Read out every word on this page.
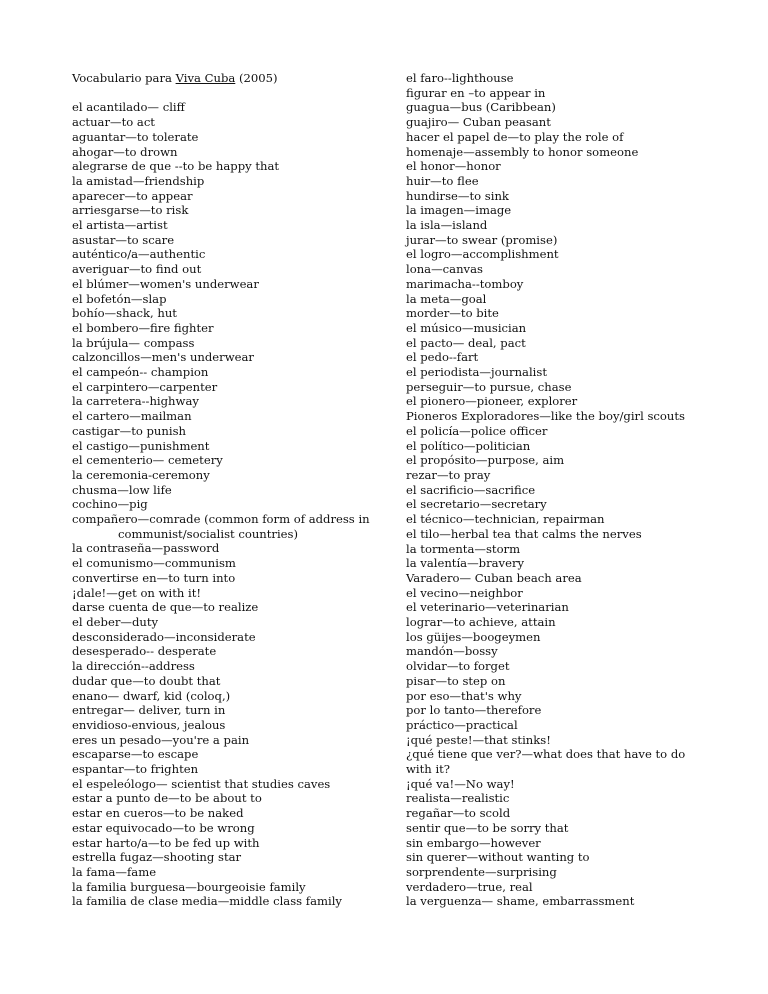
Vocabulario para Viva Cuba (2005)

el acantilado— cliff
actuar—to act
aguantar—to tolerate
ahogar—to drown
alegrarse de que --to be happy that
la amistad—friendship
aparecer—to appear
arriesgarse—to risk
el artista—artist
asustar—to scare
auténtico/a—authentic
averiguar—to find out
el blúmer—women's underwear
el bofetón—slap
bohío—shack, hut
el bombero—fire fighter
la brújula— compass
calzoncillos—men's underwear
el campeón-- champion
el carpintero—carpenter
la carretera--highway
el cartero—mailman
castigar—to punish
el castigo—punishment
el cementerio— cemetery
la ceremonia-ceremony
chusma—low life
cochino—pig
compañero—comrade (common form of address in
communist/socialist countries)
la contraseña—password
el comunismo—communism
convertirse en—to turn into
¡dale!—get on with it!
darse cuenta de que—to realize
el deber—duty
desconsiderado—inconsiderate
desesperado-- desperate
la dirección--address
dudar que—to doubt that
enano— dwarf, kid (coloq,)
entregar— deliver, turn in
envidioso-envious, jealous
eres un pesado—you're a pain
escaparse—to escape
espantar—to frighten
el espeleólogo— scientist that studies caves
estar a punto de—to be about to
estar en cueros—to be naked
estar equivocado—to be wrong
estar harto/a—to be fed up with
estrella fugaz—shooting star
la fama—fame
la familia burguesa—bourgeoisie family
la familia de clase media—middle class family
el faro--lighthouse
figurar en –to appear in
guagua—bus (Caribbean)
guajiro— Cuban peasant
hacer el papel de—to play the role of
homenaje—assembly to honor someone
el honor—honor
huir—to flee
hundirse—to sink
la imagen—image
la isla—island
jurar—to swear (promise)
el logro—accomplishment
lona—canvas
marimacha--tomboy
la meta—goal
morder—to bite
el músico—musician
el pacto— deal, pact
el pedo--fart
el periodista—journalist
perseguir—to pursue, chase
el pionero—pioneer, explorer
Pioneros Exploradores—like the boy/girl scouts
el policía—police officer
el político—politician
el propósito—purpose, aim
rezar—to pray
el sacrificio—sacrifice
el secretario—secretary
el técnico—technician, repairman
el tilo—herbal tea that calms the nerves
la tormenta—storm
la valentía—bravery
Varadero— Cuban beach area
el vecino—neighbor
el veterinario—veterinarian
lograr—to achieve, attain
los güijes—boogeymen
mandón—bossy
olvidar—to forget
pisar—to step on
por eso—that's why
por lo tanto—therefore
práctico—practical
¡qué peste!—that stinks!
¿qué tiene que ver?—what does that have to do with it?
¡qué va!—No way!
realista—realistic
regañar—to scold
sentir que—to be sorry that
sin embargo—however
sin querer—without wanting to
sorprendente—surprising
verdadero—true, real
la verguenza— shame, embarrassment
